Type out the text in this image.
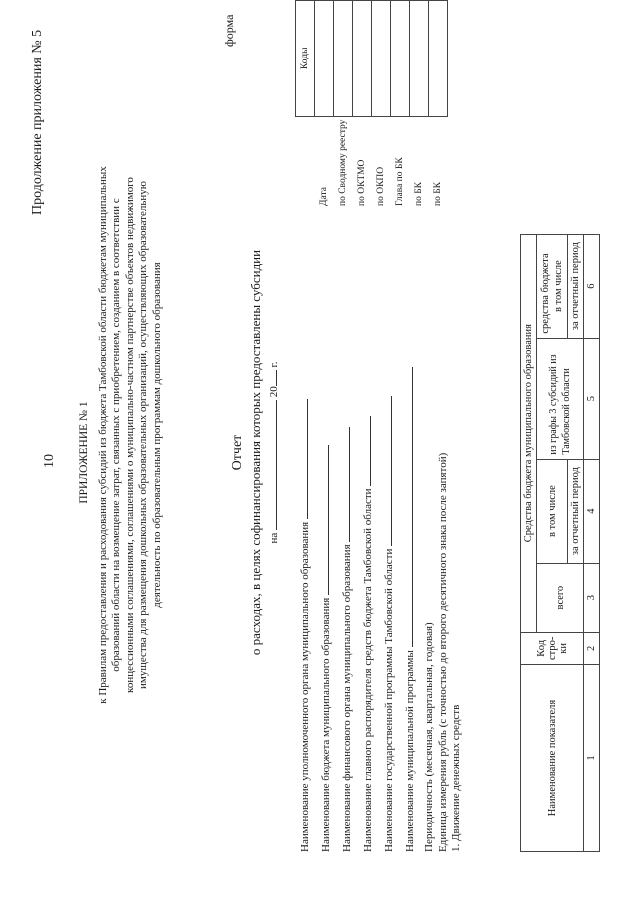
10
Продолжение приложения № 5
ПРИЛОЖЕНИЕ № 1 к Правилам предоставления и расходования субсидий из бюджета Тамбовской области бюджетам муниципальных образований области на возмещение затрат, связанных с приобретением, созданием в соответствии с концессионными соглашениями, соглашениями о муниципально-частном партнерстве объектов недвижимого имущества для размещения дошкольных образовательных организаций, осуществляющих образовательную деятельность по образовательным программам дошкольного образования
форма
Отчет о расходах, в целях софинансирования которых предоставлены субсидии на  20 г.
Наименование уполномоченного органа муниципального образования Наименование бюджета муниципального образования Наименование финансового органа муниципального образования Наименование главного распорядителя средств бюджета Тамбовской области Наименование государственной программы Тамбовской области Наименование муниципальной программы Периодичность (месячная, квартальная, годовая) Единица измерения рубль (с точностью до второго десятичного знака после запятой) 1. Движение денежных средств
	Коды
Дата	
по Сводному реестру	
по ОКТМО	
по ОКПО	
Глава по БК	
по БК	
по БК	
Наименование показателя	Код стро- ки	Средства бюджета муниципального образования			
		всего	в том числе	из графы 3 субсидий из Тамбовской области	средства бюджета в том числе

			за отчетный период		за отчетный период
1	2	3	4	5	6
